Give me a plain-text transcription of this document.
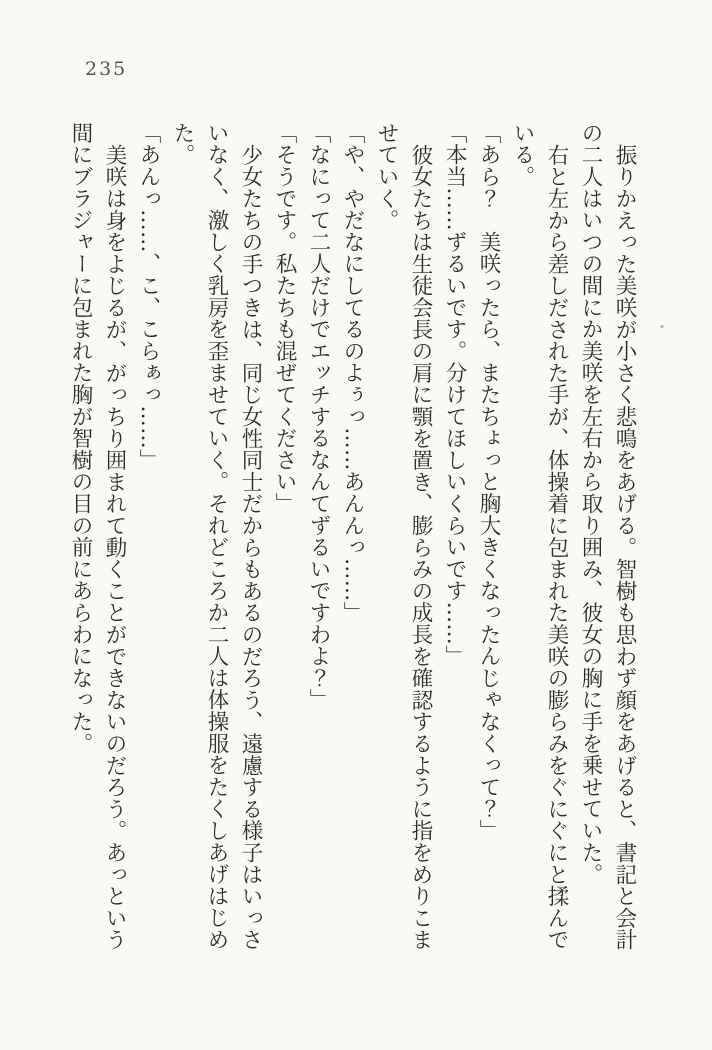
235

振りかえった美咲が小さく悲鳴をあげる。智樹も思わず顔をあげると、書記と会計の二人はいつの間にか美咲を左右から取り囲み、彼女の胸に手を乗せていた。

右と左から差しだされた手が、体操着に包まれた美咲の膨らみをぐにぐにと揉んでいる。

「あら？　美咲ったら、またちょっと胸大きくなったんじゃなくって？」

「本当……ずるいです。分けてほしいくらいです……」

彼女たちは生徒会長の肩に顎を置き、膨らみの成長を確認するように指をめりこませていく。

「や、やだなにしてるのよぅっ……あんんっ……」

「なにって二人だけでエッチするなんてずるいですわよ？」

「そうです。私たちも混ぜてください」

少女たちの手つきは、同じ女性同士だからもあるのだろう、遠慮する様子はいっさいなく、激しく乳房を歪ませていく。それどころか二人は体操服をたくしあげはじめた。

「あんっ……、こ、こらぁっ……」

美咲は身をよじるが、がっちり囲まれて動くことができないのだろう。あっという間にブラジャーに包まれた胸が智樹の目の前にあらわになった。
